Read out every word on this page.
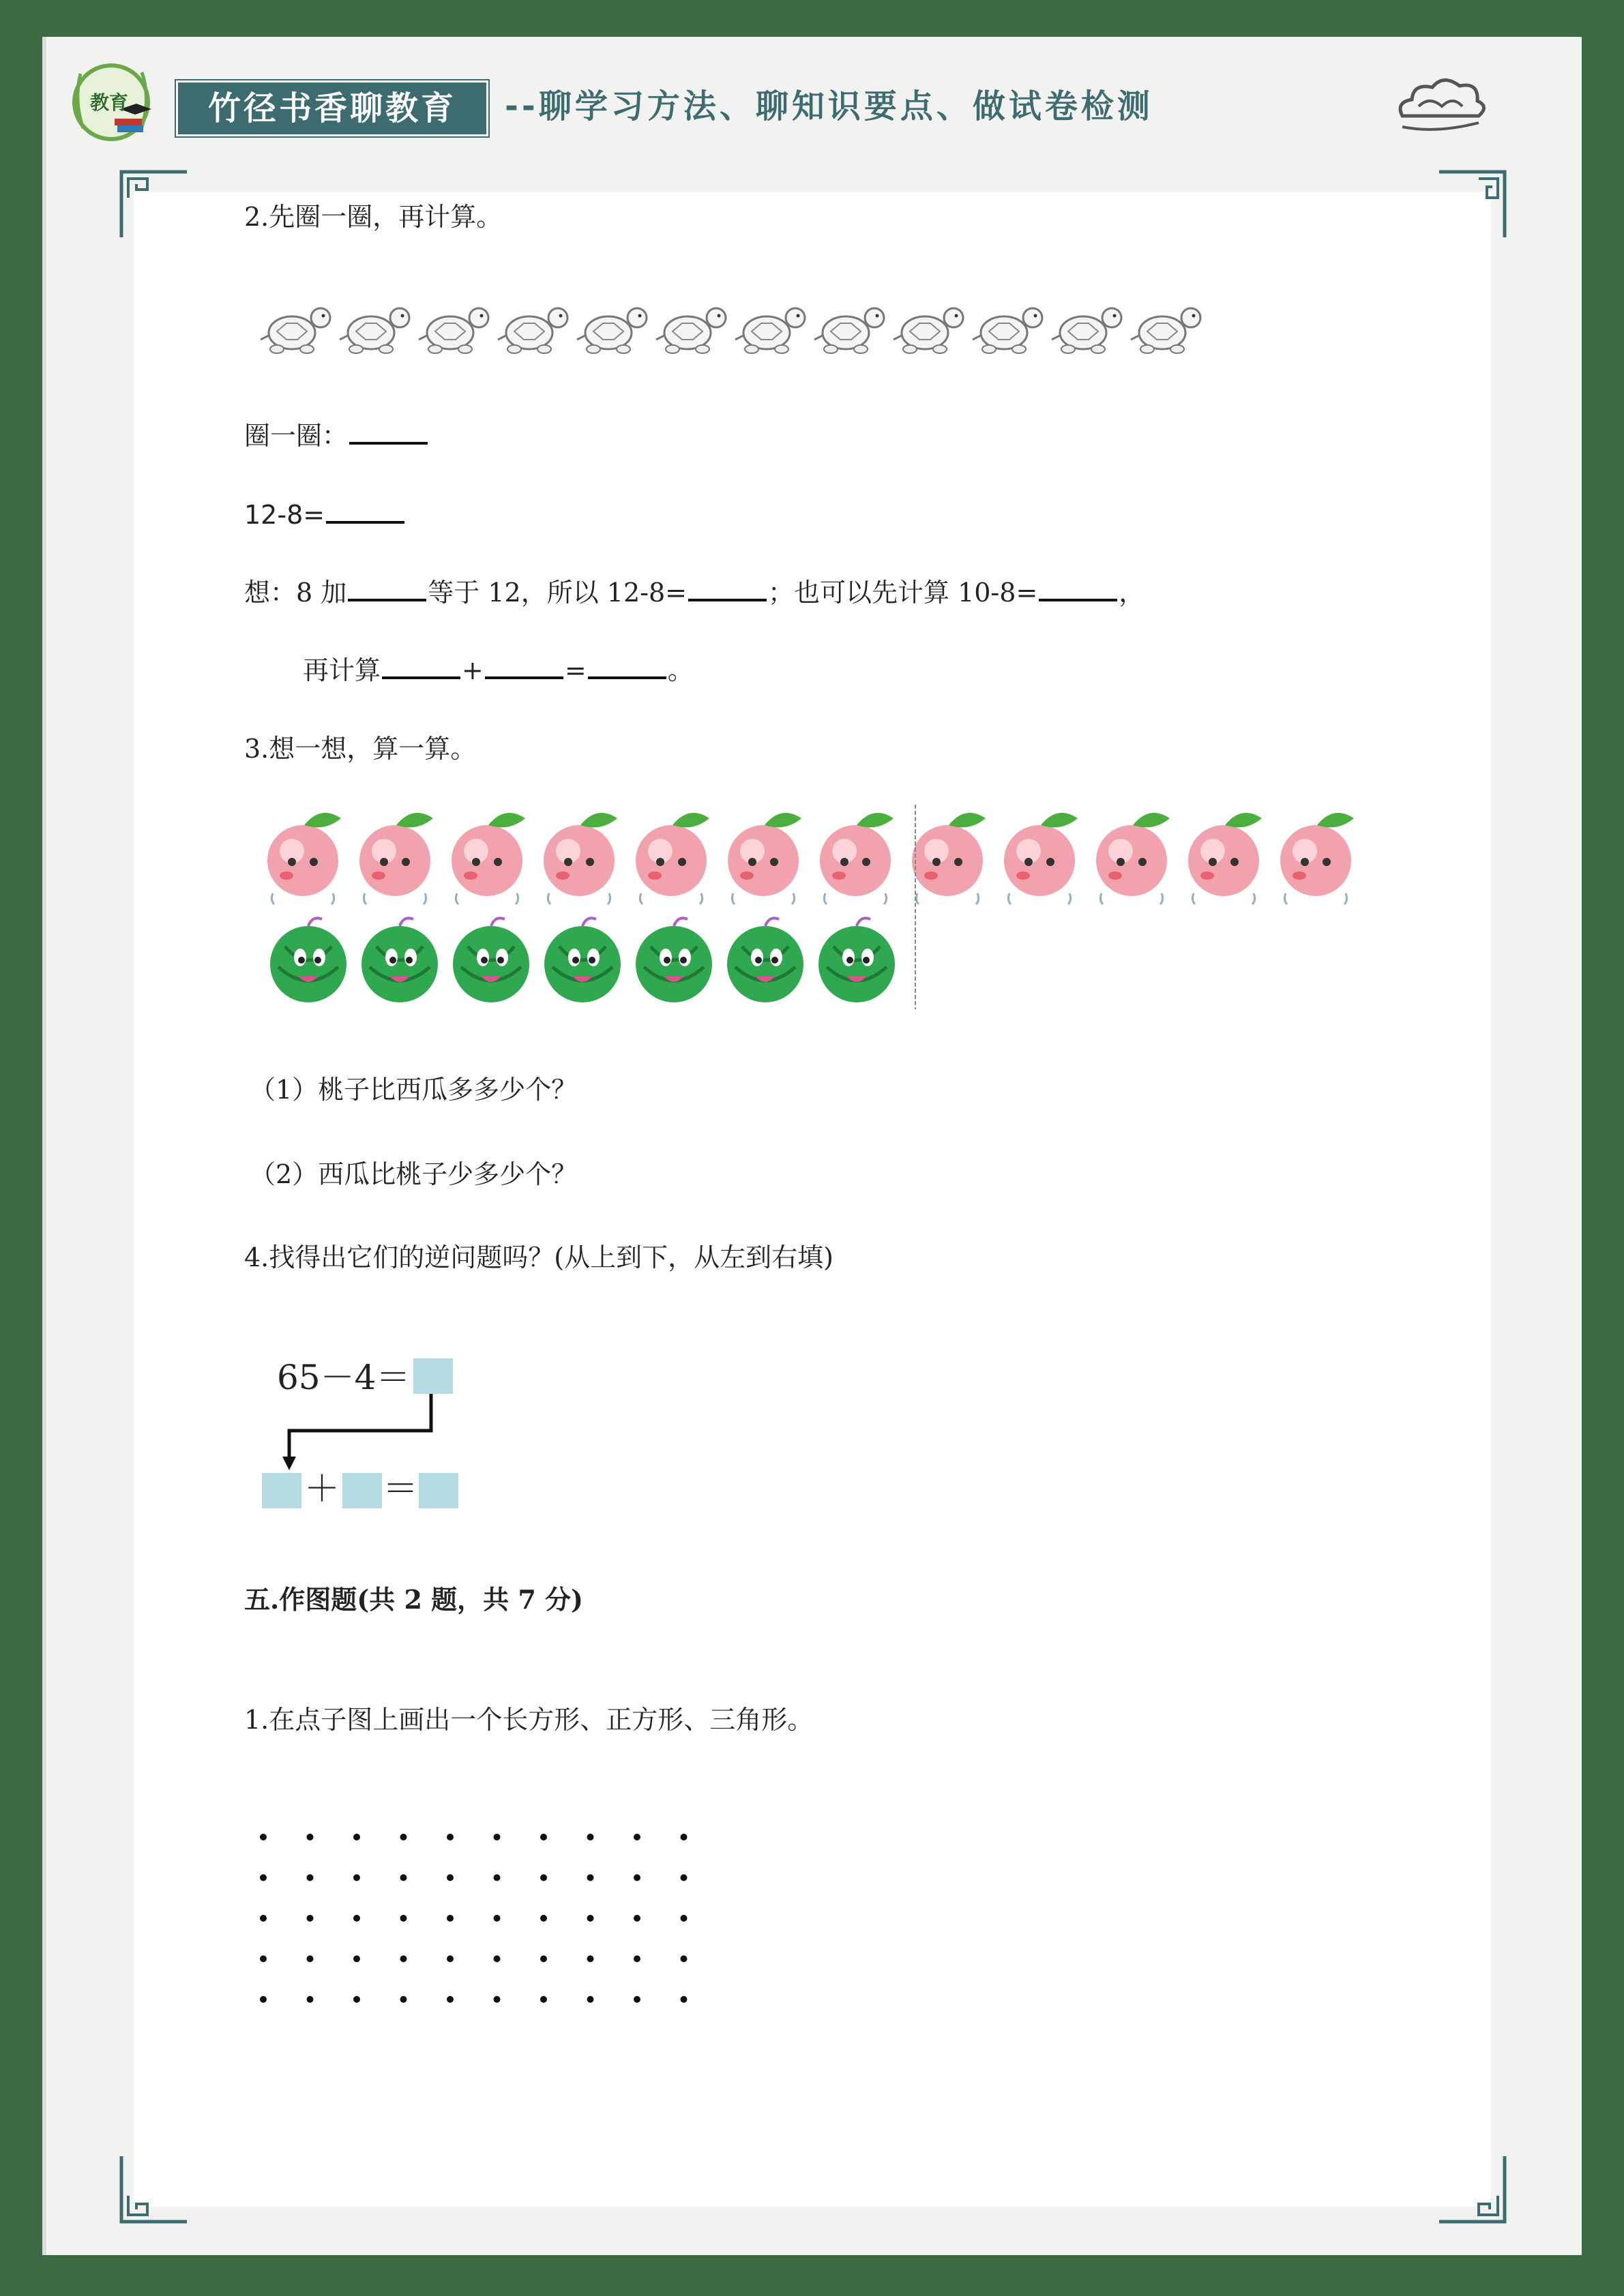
教育	竹径书香聊教育	--聊学习方法、聊知识要点、做试卷检测
2.先圈一圈，再计算。
圈一圈：
12-8=
想：8 加	等于 12，所以 12-8=	；也可以先计算 10-8=	，
再计算	+	=	。
3.想一想，算一算。
（1）桃子比西瓜多多少个？
（2）西瓜比桃子少多少个？
4.找得出它们的逆问题吗？(从上到下，从左到右填)
65－4＝
＋ ＝
五.作图题(共 2 题，共 7 分)
1.在点子图上画出一个长方形、正方形、三角形。
